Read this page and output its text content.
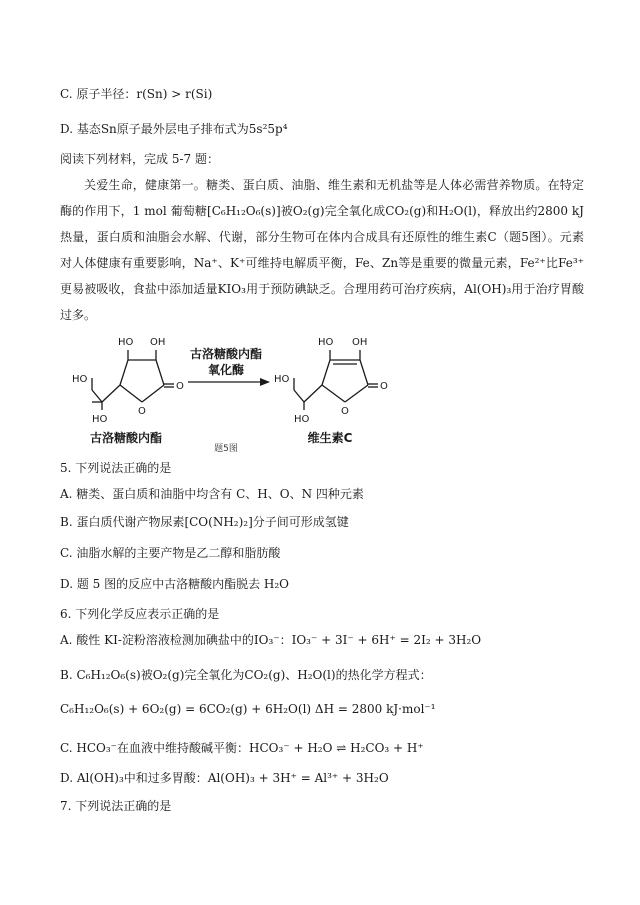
C. 原子半径：r(Sn) > r(Si)
D. 基态Sn原子最外层电子排布式为5s²5p⁴
阅读下列材料，完成 5-7 题：
关爱生命，健康第一。糖类、蛋白质、油脂、维生素和无机盐等是人体必需营养物质。在特定酶的作用下，1 mol 葡萄糖[C₆H₁₂O₆(s)]被O₂(g)完全氧化成CO₂(g)和H₂O(l)，释放出约2800 kJ热量，蛋白质和油脂会水解、代谢，部分生物可在体内合成具有还原性的维生素C（题5图）。元素对人体健康有重要影响，Na⁺、K⁺可维持电解质平衡，Fe、Zn等是重要的微量元素，Fe²⁺比Fe³⁺更易被吸收，食盐中添加适量KIO₃用于预防碘缺乏。合理用药可治疗疾病，Al(OH)₃用于治疗胃酸过多。
HO OH
O
O
HO
HO
HO OH
O
O
HO
HO
古洛糖酸内酯
氧化酶
古洛糖酸内酯	维生素C
题5图
5. 下列说法正确的是
A. 糖类、蛋白质和油脂中均含有 C、H、O、N 四种元素
B. 蛋白质代谢产物尿素[CO(NH₂)₂]分子间可形成氢键
C. 油脂水解的主要产物是乙二醇和脂肪酸
D. 题 5 图的反应中古洛糖酸内酯脱去 H₂O
6. 下列化学反应表示正确的是
A. 酸性 KI-淀粉溶液检测加碘盐中的IO₃⁻：IO₃⁻ + 3I⁻ + 6H⁺ = 2I₂ + 3H₂O
B. C₆H₁₂O₆(s)被O₂(g)完全氧化为CO₂(g)、H₂O(l)的热化学方程式：
C₆H₁₂O₆(s) + 6O₂(g) = 6CO₂(g) + 6H₂O(l) ΔH = 2800 kJ·mol⁻¹
C. HCO₃⁻在血液中维持酸碱平衡：HCO₃⁻ + H₂O ⇌ H₂CO₃ + H⁺
D. Al(OH)₃中和过多胃酸：Al(OH)₃ + 3H⁺ = Al³⁺ + 3H₂O
7. 下列说法正确的是
